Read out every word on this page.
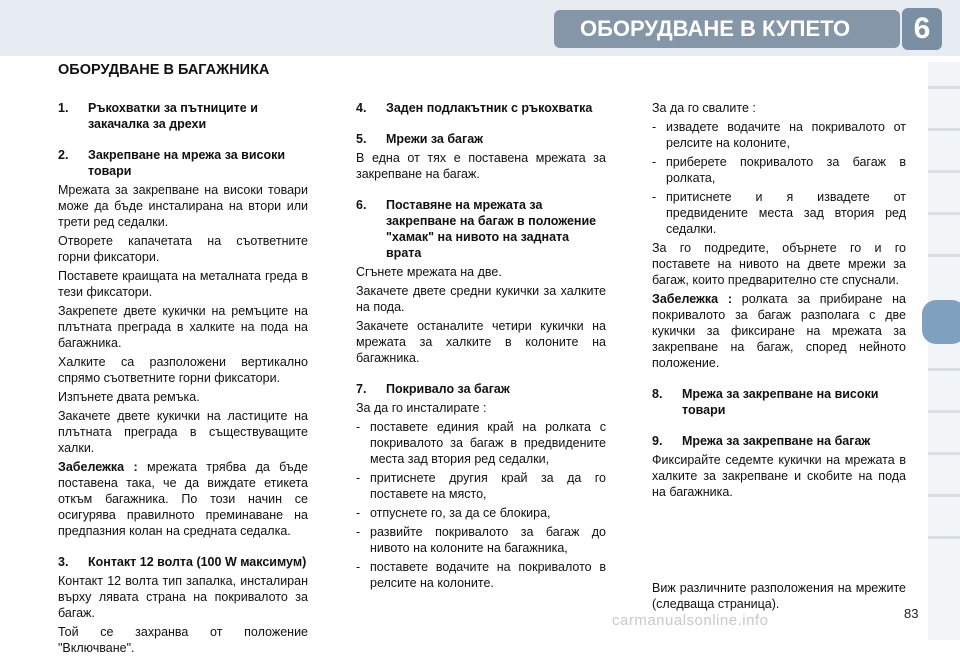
ОБОРУДВАНЕ В КУПЕТО	6
ОБОРУДВАНЕ В БАГАЖНИКА
1.	Ръкохватки за пътниците и закачалка за дрехи
2.	Закрепване на мрежа за високи товари
Мрежата за закрепване на високи товари може да бъде инсталирана на втори или трети ред седалки.
Отворете капачетата на съответните горни фиксатори.
Поставете краищата на металната греда в тези фиксатори.
Закрепете двете кукички на ремъците на плътната преграда в халките на пода на багажника.
Халките са разположени вертикално спрямо съответните горни фиксатори.
Изпънете двата ремъка.
Закачете двете кукички на ластиците на плътната преграда в съществуващите халки.
Забележка : мрежата трябва да бъде поставена така, че да виждате етикета откъм багажника. По този начин се осигурява правилното преминаване на предпазния колан на средната седалка.
3.	Контакт 12 волта (100 W максимум)
Контакт 12 волта тип запалка, инсталиран върху лявата страна на покривалото за багаж.
Той се захранва от положение "Включване".
4.	Заден подлакътник с ръкохватка
5.	Мрежи за багаж
В една от тях е поставена мрежата за закрепване на багаж.
6.	Поставяне на мрежата за закрепване на багаж в положение "хамак" на нивото на задната врата
Сгънете мрежата на две.
Закачете двете средни кукички за халките на пода.
Закачете останалите четири кукички на мрежата за халките в колоните на багажника.
7.	Покривало за багаж
За да го инсталирате :
- поставете единия край на ролката с покривалото за багаж в предвидените места зад втория ред седалки,
- притиснете другия край за да го поставете на място,
- отпуснете го, за да се блокира,
- развийте покривалото за багаж до нивото на колоните на багажника,
- поставете водачите на покривалото в релсите на колоните.
За да го свалите :
- извадете водачите на покривалото от релсите на колоните,
- приберете покривалото за багаж в ролката,
- притиснете и я извадете от предвидените места зад втория ред седалки.
За го подредите, обърнете го и го поставете на нивото на двете мрежи за багаж, които предварително сте спуснали.
Забележка : ролката за прибиране на покривалото за багаж разполага с две кукички за фиксиране на мрежата за закрепване на багаж, според нейното положение.
8.	Мрежа за закрепване на високи товари
9.	Мрежа за закрепване на багаж
Фиксирайте седемте кукички на мрежата в халките за закрепване и скобите на пода на багажника.
Виж различните разположения на мрежите (следваща страница).
carmanualsonline.info	83
